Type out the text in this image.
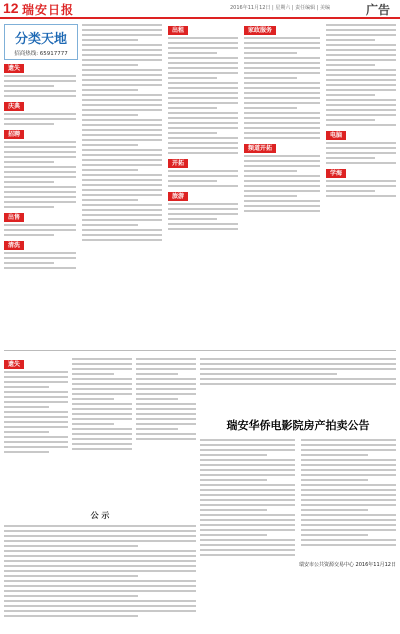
12 瑞安日报	2016年11月12日 | 星期六 | 责任编辑 | 美编	广告
分类天地
招商热线: 65917777
遗失
庆典
招聘
出售
清洗
出租
开拓
旅游
家政服务
频道开拓
电脑
学海
遗失
瑞安华侨电影院房产拍卖公告
瑞安市公共资源交易中心 2016年11月12日
公 示
